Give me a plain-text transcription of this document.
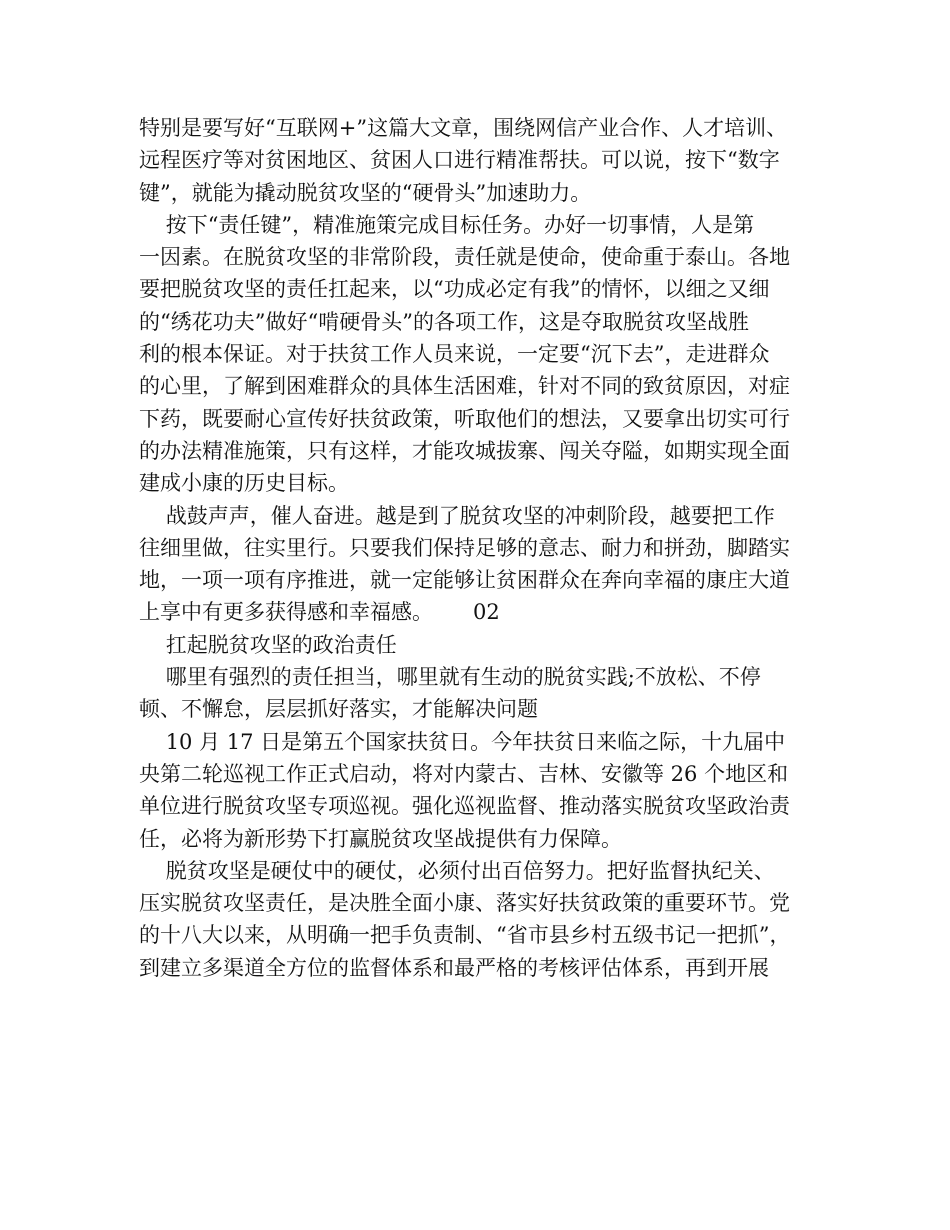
特别是要写好“互联网+”这篇大文章，围绕网信产业合作、人才培训、
远程医疗等对贫困地区、贫困人口进行精准帮扶。可以说，按下“数字
键”，就能为撬动脱贫攻坚的“硬骨头”加速助力。
按下“责任键”，精准施策完成目标任务。办好一切事情，人是第
一因素。在脱贫攻坚的非常阶段，责任就是使命，使命重于泰山。各地
要把脱贫攻坚的责任扛起来，以“功成必定有我”的情怀，以细之又细
的“绣花功夫”做好“啃硬骨头”的各项工作，这是夺取脱贫攻坚战胜
利的根本保证。对于扶贫工作人员来说，一定要“沉下去”，走进群众
的心里，了解到困难群众的具体生活困难，针对不同的致贫原因，对症
下药，既要耐心宣传好扶贫政策，听取他们的想法，又要拿出切实可行
的办法精准施策，只有这样，才能攻城拔寨、闯关夺隘，如期实现全面
建成小康的历史目标。
战鼓声声，催人奋进。越是到了脱贫攻坚的冲刺阶段，越要把工作
往细里做，往实里行。只要我们保持足够的意志、耐力和拼劲，脚踏实
地，一项一项有序推进，就一定能够让贫困群众在奔向幸福的康庄大道
上享中有更多获得感和幸福感。      02
扛起脱贫攻坚的政治责任
哪里有强烈的责任担当，哪里就有生动的脱贫实践;不放松、不停
顿、不懈怠，层层抓好落实，才能解决问题
10 月 17 日是第五个国家扶贫日。今年扶贫日来临之际，十九届中
央第二轮巡视工作正式启动，将对内蒙古、吉林、安徽等 26 个地区和
单位进行脱贫攻坚专项巡视。强化巡视监督、推动落实脱贫攻坚政治责
任，必将为新形势下打赢脱贫攻坚战提供有力保障。
脱贫攻坚是硬仗中的硬仗，必须付出百倍努力。把好监督执纪关、
压实脱贫攻坚责任，是决胜全面小康、落实好扶贫政策的重要环节。党
的十八大以来，从明确一把手负责制、“省市县乡村五级书记一把抓”，
到建立多渠道全方位的监督体系和最严格的考核评估体系，再到开展
